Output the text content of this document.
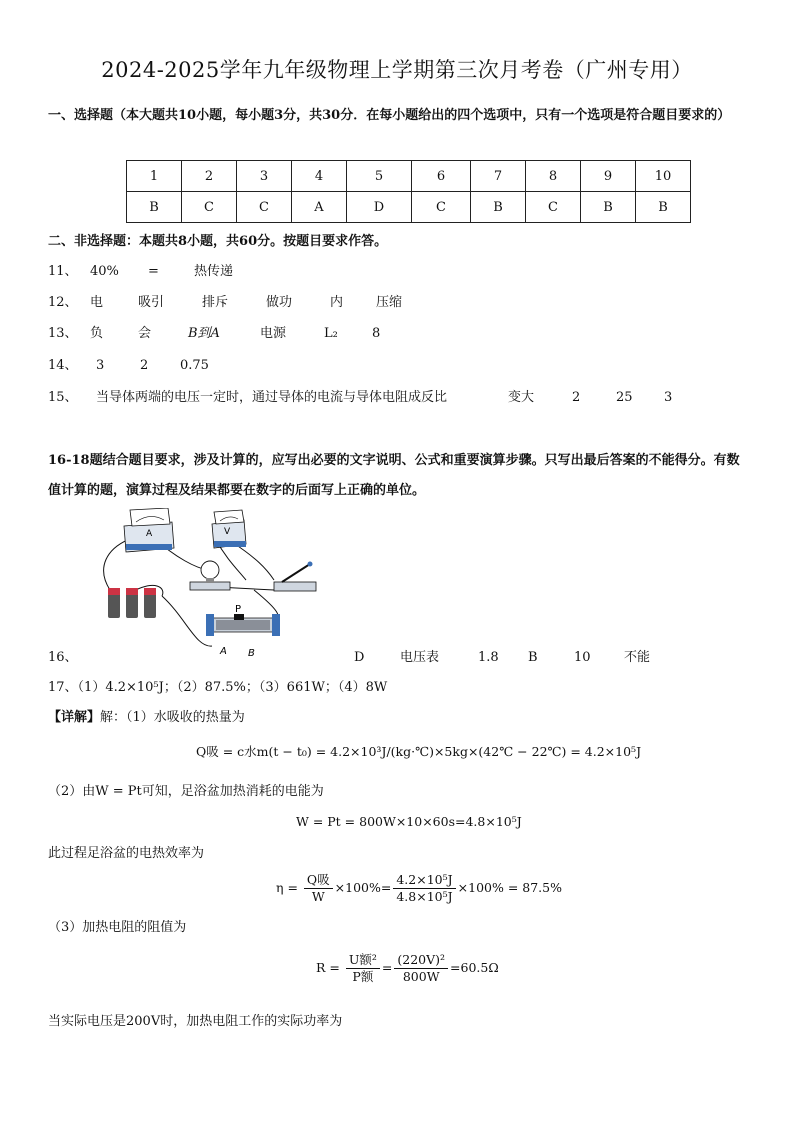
2024-2025学年九年级物理上学期第三次月考卷（广州专用）
一、选择题（本大题共10小题，每小题3分，共30分．在每小题给出的四个选项中，只有一个选项是符合题目要求的）
1	2	3	4	5	6	7	8	9	10
B	C	C	A	D	C	B	C	B	B
二、非选择题：本题共8小题，共60分。按题目要求作答。
11、 40% =	热传递
12、 电	吸引	排斥	做功	内	压缩
13、 负	会	B到A	电源	L₂	8
14、 3	2 0.75
15、 当导体两端的电压一定时，通过导体的电流与导体电阻成反比	变大	2	25 3
16-18题结合题目要求，涉及计算的，应写出必要的文字说明、公式和重要演算步骤。只写出最后答案的不能得分。有数值计算的题，演算过程及结果都要在数字的后面写上正确的单位。
A	V
P
A B
16、	D	电压表	1.8 B	10	不能
17、（1）4.2×10⁵J；（2）87.5%；（3）661W；（4）8W
【详解】解：（1）水吸收的热量为
Q吸 = c水m(t − t₀) = 4.2×10³J/(kg·℃)×5kg×(42℃ − 22℃) = 4.2×10⁵J
（2）由W = Pt可知，足浴盆加热消耗的电能为
W = Pt = 800W×10×60s=4.8×10⁵J
此过程足浴盆的电热效率为
$\eta = \frac{\text{Q吸}}{W} \times 100\%= \frac{\text{4.2×10⁵J}}{\text{4.8×10⁵J}} \times 100\% = 87.5\%$
（3）加热电阻的阻值为
$R = \frac{\text{U额²}}{\text{P额}} = \frac{\text{(220V)²}}{800W} =60.5\Omega$
当实际电压是200V时，加热电阻工作的实际功率为
